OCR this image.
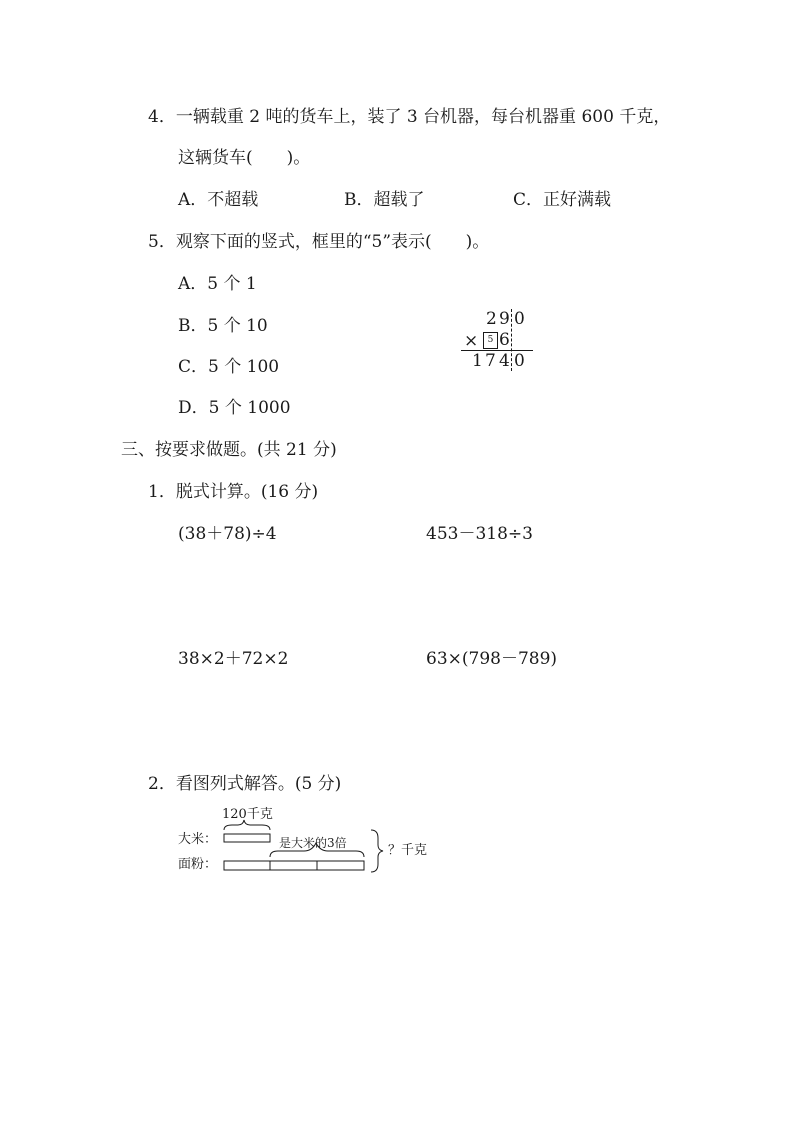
4．一辆载重 2 吨的货车上，装了 3 台机器，每台机器重 600 千克，
这辆货车(　　)。
A．不超载	B．超载了	C．正好满载
5．观察下面的竖式，框里的“5”表示(　　)。
A．5 个 1
B．5 个 10
C．5 个 100
D．5 个 1000
2 9 0
×	5 6
1 7 4 0
三、按要求做题。(共 21 分)
1．脱式计算。(16 分)
(38＋78)÷4	453－318÷3
38×2＋72×2	63×(798－789)
2．看图列式解答。(5 分)
120千克
大米：
面粉：
是大米的3倍	？千克
